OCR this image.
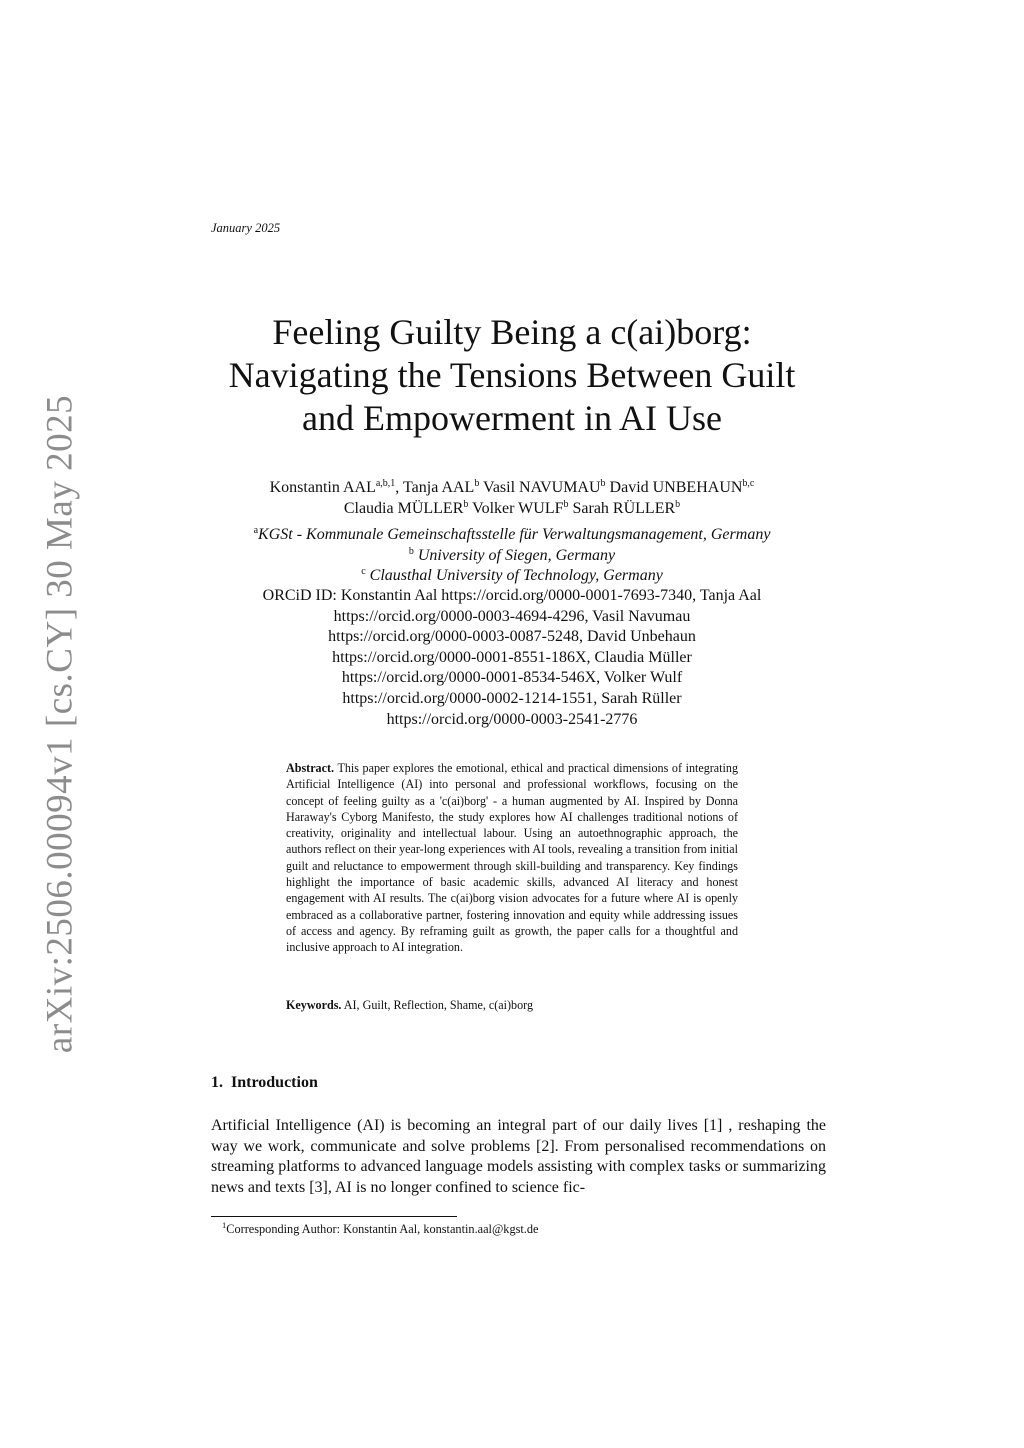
arXiv:2506.00094v1 [cs.CY] 30 May 2025
January 2025
Feeling Guilty Being a c(ai)borg:
Navigating the Tensions Between Guilt
and Empowerment in AI Use
Konstantin AAL$^{a,b,1}$, Tanja AAL$^b$ Vasil NAVUMAU$^b$ David UNBEHAUN$^{b,c}$
Claudia MÜLLER$^b$ Volker WULF$^b$ Sarah RÜLLER$^b$
$^a$KGSt - Kommunale Gemeinschaftsstelle für Verwaltungsmanagement, Germany
$^b$ University of Siegen, Germany
$^c$ Clausthal University of Technology, Germany
ORCiD ID: Konstantin Aal https://orcid.org/0000-0001-7693-7340, Tanja Aal
https://orcid.org/0000-0003-4694-4296, Vasil Navumau
https://orcid.org/0000-0003-0087-5248, David Unbehaun
https://orcid.org/0000-0001-8551-186X, Claudia Müller
https://orcid.org/0000-0001-8534-546X, Volker Wulf
https://orcid.org/0000-0002-1214-1551, Sarah Rüller
https://orcid.org/0000-0003-2541-2776
Abstract. This paper explores the emotional, ethical and practical dimensions of integrating Artificial Intelligence (AI) into personal and professional workflows, focusing on the concept of feeling guilty as a 'c(ai)borg' - a human augmented by AI. Inspired by Donna Haraway's Cyborg Manifesto, the study explores how AI challenges traditional notions of creativity, originality and intellectual labour. Using an autoethnographic approach, the authors reflect on their year-long experiences with AI tools, revealing a transition from initial guilt and reluctance to empowerment through skill-building and transparency. Key findings highlight the importance of basic academic skills, advanced AI literacy and honest engagement with AI results. The c(ai)borg vision advocates for a future where AI is openly embraced as a collaborative partner, fostering innovation and equity while addressing issues of access and agency. By reframing guilt as growth, the paper calls for a thoughtful and inclusive approach to AI integration.
Keywords. AI, Guilt, Reflection, Shame, c(ai)borg
1. Introduction

Artificial Intelligence (AI) is becoming an integral part of our daily lives [1] , reshaping the way we work, communicate and solve problems [2]. From personalised recommendations on streaming platforms to advanced language models assisting with complex tasks or summarizing news and texts [3], AI is no longer confined to science fic-

$^1$Corresponding Author: Konstantin Aal, konstantin.aal@kgst.de
